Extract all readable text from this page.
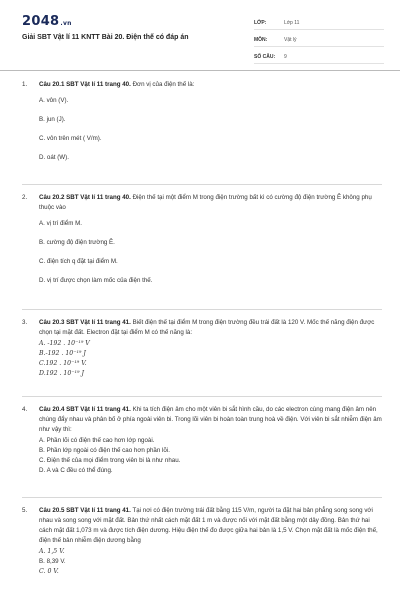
2048.vn
Giải SBT Vật lí 11 KNTT Bài 20. Điện thế có đáp án
LỚP:	Lớp 11
MÔN:	Vật lý
SỐ CÂU:	9
1. Câu 20.1 SBT Vật lí 11 trang 40. Đơn vị của điện thế là:
A. vôn (V).
B. jun (J).
C. vôn trên mét ( V/m).
D. oát (W).
2. Câu 20.2 SBT Vật lí 11 trang 40. Điện thế tại một điểm M trong điện trường bất kì có cường độ điện trường Ē không phụ thuộc vào
A. vị trí điểm M.
B. cường độ điện trường Ē.
C. điện tích q đặt tại điểm M.
D. vị trí được chọn làm mốc của điện thế.
3. Câu 20.3 SBT Vật lí 11 trang 41. Biết điện thế tại điểm M trong điện trường đều trái đất là 120 V. Mốc thế năng điện được chọn tại mặt đất. Electron đặt tại điểm M có thế năng là:
A. -192 . 10⁻¹⁹ V
B.-192 . 10⁻¹⁹ J
C.192 . 10⁻¹⁹ V.
D.192 . 10⁻¹⁹ J
4. Câu 20.4 SBT Vật lí 11 trang 41. Khi ta tích điện âm cho một viên bi sắt hình cầu, do các electron cùng mang điện âm nên chúng đẩy nhau và phân bố ở phía ngoài viên bi. Trong lõi viên bi hoàn toàn trung hoà về điện. Với viên bi sắt nhiễm điện âm như vậy thì:
A. Phần lõi có điện thế cao hơn lớp ngoài.
B. Phần lớp ngoài có điện thế cao hơn phần lõi.
C. Điện thế của mọi điểm trong viên bi là như nhau.
D. A và C đều có thể đúng.
5. Câu 20.5 SBT Vật lí 11 trang 41. Tại nơi có điện trường trái đất bằng 115 V/m, người ta đặt hai bản phẳng song song với nhau và song song với mặt đất. Bản thứ nhất cách mặt đất 1 m và được nối với mặt đất bằng một dây đồng. Bản thứ hai cách mặt đất 1,073 m và được tích điện dương. Hiệu điện thế đo được giữa hai bản là 1,5 V. Chọn mặt đất là mốc điện thế, điện thế bản nhiễm điện dương bằng
A. 1,5 V.
B. 8,39 V.
C. 0 V.
